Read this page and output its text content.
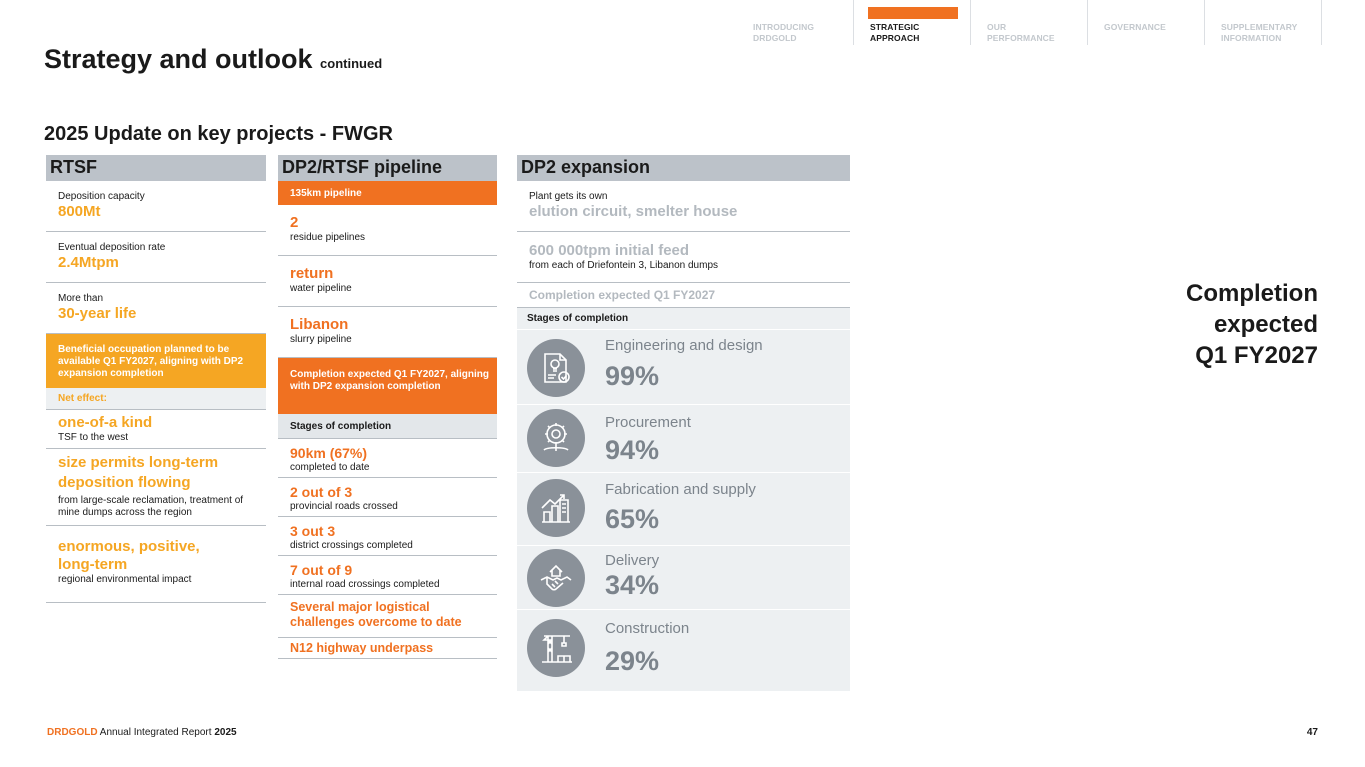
INTRODUCING
DRDGOLD
STRATEGIC
APPROACH
OUR
PERFORMANCE
GOVERNANCE	SUPPLEMENTARY
INFORMATION
Strategy and outlook continued
2025 Update on key projects - FWGR
RTSF
Deposition capacity
800Mt
Eventual deposition rate
2.4Mtpm
More than
30-year life
Beneficial occupation planned to be available Q1 FY2027, aligning with DP2 expansion completion
Net effect:
one-of-a kind
TSF to the west
size permits long-term deposition flowing
from large-scale reclamation, treatment of mine dumps across the region
enormous, positive, long-term
regional environmental impact
DP2/RTSF pipeline
135km pipeline
2
residue pipelines
return
water pipeline
Libanon
slurry pipeline
Completion expected Q1 FY2027, aligning with DP2 expansion completion
Stages of completion
90km (67%)
completed to date
2 out of 3
provincial roads crossed
3 out 3
district crossings completed
7 out of 9
internal road crossings completed
Several major logistical challenges overcome to date
N12 highway underpass
DP2 expansion
Plant gets its own
elution circuit, smelter house
600 000tpm initial feed
from each of Driefontein 3, Libanon dumps
Completion expected Q1 FY2027
Stages of completion
Engineering and design
99%
Procurement
94%
Fabrication and supply
65%
Delivery
34%
Construction
29%
Completion
expected
Q1 FY2027
DRDGOLD Annual Integrated Report 2025	47
